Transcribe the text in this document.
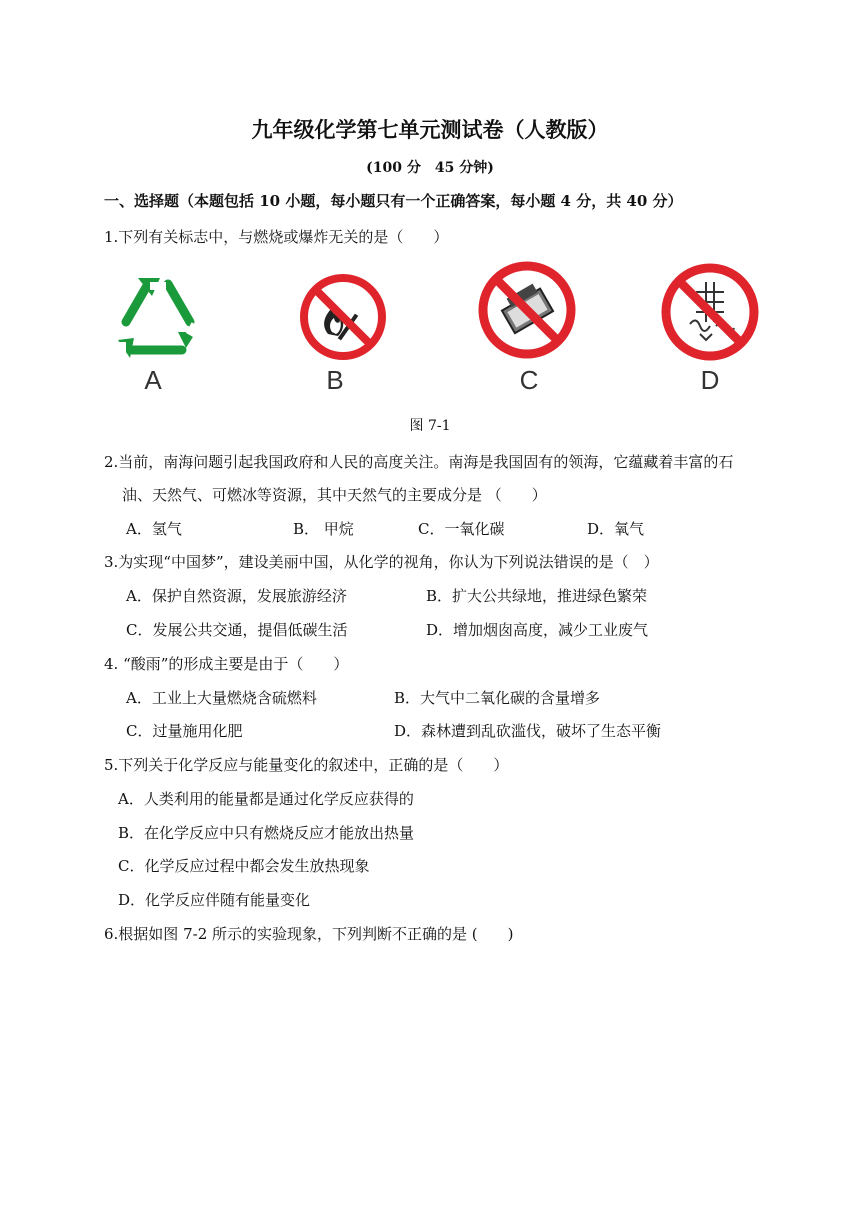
九年级化学第七单元测试卷（人教版）
(100 分　45 分钟)
一、选择题（本题包括 10 小题，每小题只有一个正确答案，每小题 4 分，共 40 分）
1.下列有关标志中，与燃烧或爆炸无关的是（　　）
A	B	C	D
图 7-1
2.当前，南海问题引起我国政府和人民的高度关注。南海是我国固有的领海，它蕴藏着丰富的石
油、天然气、可燃冰等资源，其中天然气的主要成分是 （　　）
A．氢气	B． 甲烷	C．一氧化碳	D．氧气
3.为实现“中国梦”，建设美丽中国，从化学的视角，你认为下列说法错误的是（　）
A．保护自然资源，发展旅游经济	B．扩大公共绿地，推进绿色繁荣
C．发展公共交通，提倡低碳生活	D．增加烟囱高度，减少工业废气
4. “酸雨”的形成主要是由于（　　）
A．工业上大量燃烧含硫燃料	B．大气中二氧化碳的含量增多
C．过量施用化肥	D．森林遭到乱砍滥伐，破坏了生态平衡
5.下列关于化学反应与能量变化的叙述中，正确的是（　　）
A．人类利用的能量都是通过化学反应获得的
B．在化学反应中只有燃烧反应才能放出热量
C．化学反应过程中都会发生放热现象
D．化学反应伴随有能量变化
6.根据如图 7-2 所示的实验现象，下列判断不正确的是 (　　)
